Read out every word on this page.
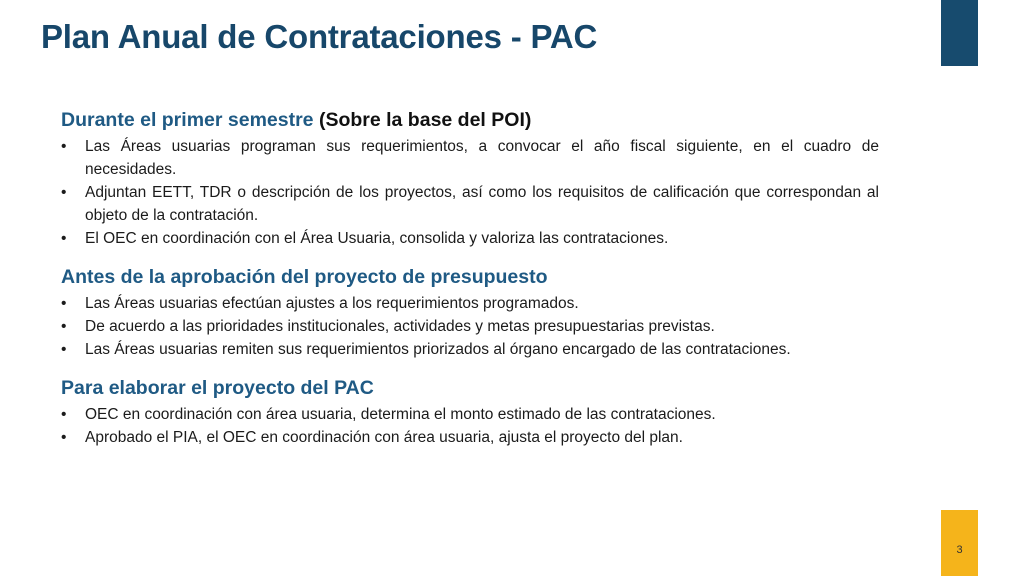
Plan Anual de Contrataciones - PAC
3
Durante el primer semestre (Sobre la base del POI)
• Las Áreas usuarias programan sus requerimientos, a convocar el año fiscal siguiente, en el cuadro de necesidades.
• Adjuntan EETT, TDR o descripción de los proyectos, así como los requisitos de calificación que correspondan al objeto de la contratación.
• El OEC en coordinación con el Área Usuaria, consolida y valoriza las contrataciones.
Antes de la aprobación del proyecto de presupuesto
• Las Áreas usuarias efectúan ajustes a los requerimientos programados.
• De acuerdo a las prioridades institucionales, actividades y metas presupuestarias previstas.
• Las Áreas usuarias remiten sus requerimientos priorizados al órgano encargado de las contrataciones.
Para elaborar el proyecto del PAC
• OEC en coordinación con área usuaria, determina el monto estimado de las contrataciones.
• Aprobado el PIA, el OEC en coordinación con área usuaria, ajusta el proyecto del plan.
